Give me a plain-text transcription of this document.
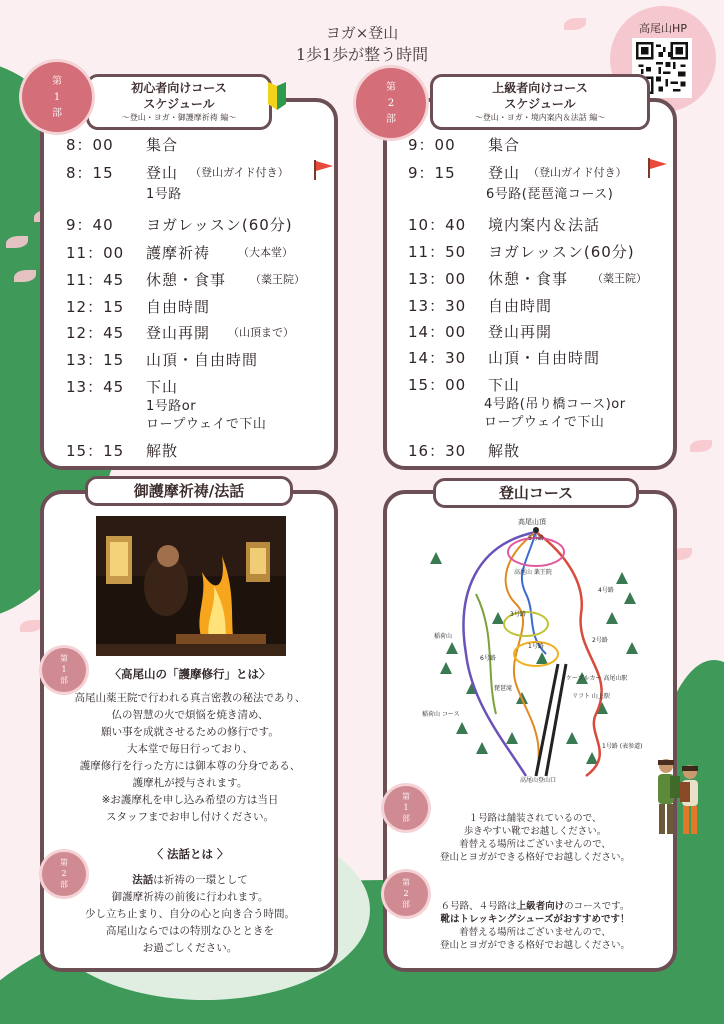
ヨガ×登山
1歩1歩が整う時間
高尾山HP
初心者向けコース
スケジュール
〜登山・ヨガ・御護摩祈祷 編〜
第
1
部
8：00 集合
8：15 登山 （登山ガイド付き）
9：40 ヨガレッスン(60分)
11：00 護摩祈祷	（大本堂）
11：45 休憩・食事 （薬王院）
12：15 自由時間
12：45 登山再開 （山頂まで）
13：15 山頂・自由時間
13：45 下山
15：15 解散
1号路
1号路or
ロープウェイで下山
上級者向けコース
スケジュール
〜登山・ヨガ・境内案内＆法話 編〜
第
2
部
9：00 集合
9：15 登山 （登山ガイド付き）
10：40 境内案内＆法話
11：50 ヨガレッスン(60分)
13：00 休憩・食事 （薬王院）
13：30 自由時間
14：00 登山再開
14：30 山頂・自由時間
15：00 下山
16：30 解散
6号路(琵琶滝コース)
4号路(吊り橋コース)or
ロープウェイで下山
御護摩祈祷/法話
第
1
部	〈高尾山の「護摩修行」とは〉
高尾山薬王院で行われる真言密教の秘法であり、
仏の智慧の火で煩悩を焼き清め、
願い事を成就させるための修行です。
大本堂で毎日行っており、
護摩修行を行った方には御本尊の分身である、
護摩札が授与されます。
※お護摩札を申し込み希望の方は当日
スタッフまでお申し付けください。
〈 法話とは 〉
法話は祈祷の一環として
御護摩祈祷の前後に行われます。
少し立ち止まり、自分の心と向き合う時間。
高尾山ならではの特別なひとときを
お過ごしください。
第
2
部
登山コース
高尾山頂
5号路
高尾山 薬王院
4号路
3号路
2号路
1号路
6号路
稲荷山
稲荷山 コース
琵琶滝
ケーブルカー 高尾山駅
リフト 山上駅
高尾山登山口
1号路 (表参道)
第
1
部	１号路は舗装されているので、
歩きやすい靴でお越しください。
着替える場所はございませんので、
登山とヨガができる格好でお越しください。
第
2
部	６号路、４号路は上級者向けのコースです。
靴はトレッキングシューズがおすすめです！
着替える場所はございませんので、
登山とヨガができる格好でお越しください。
